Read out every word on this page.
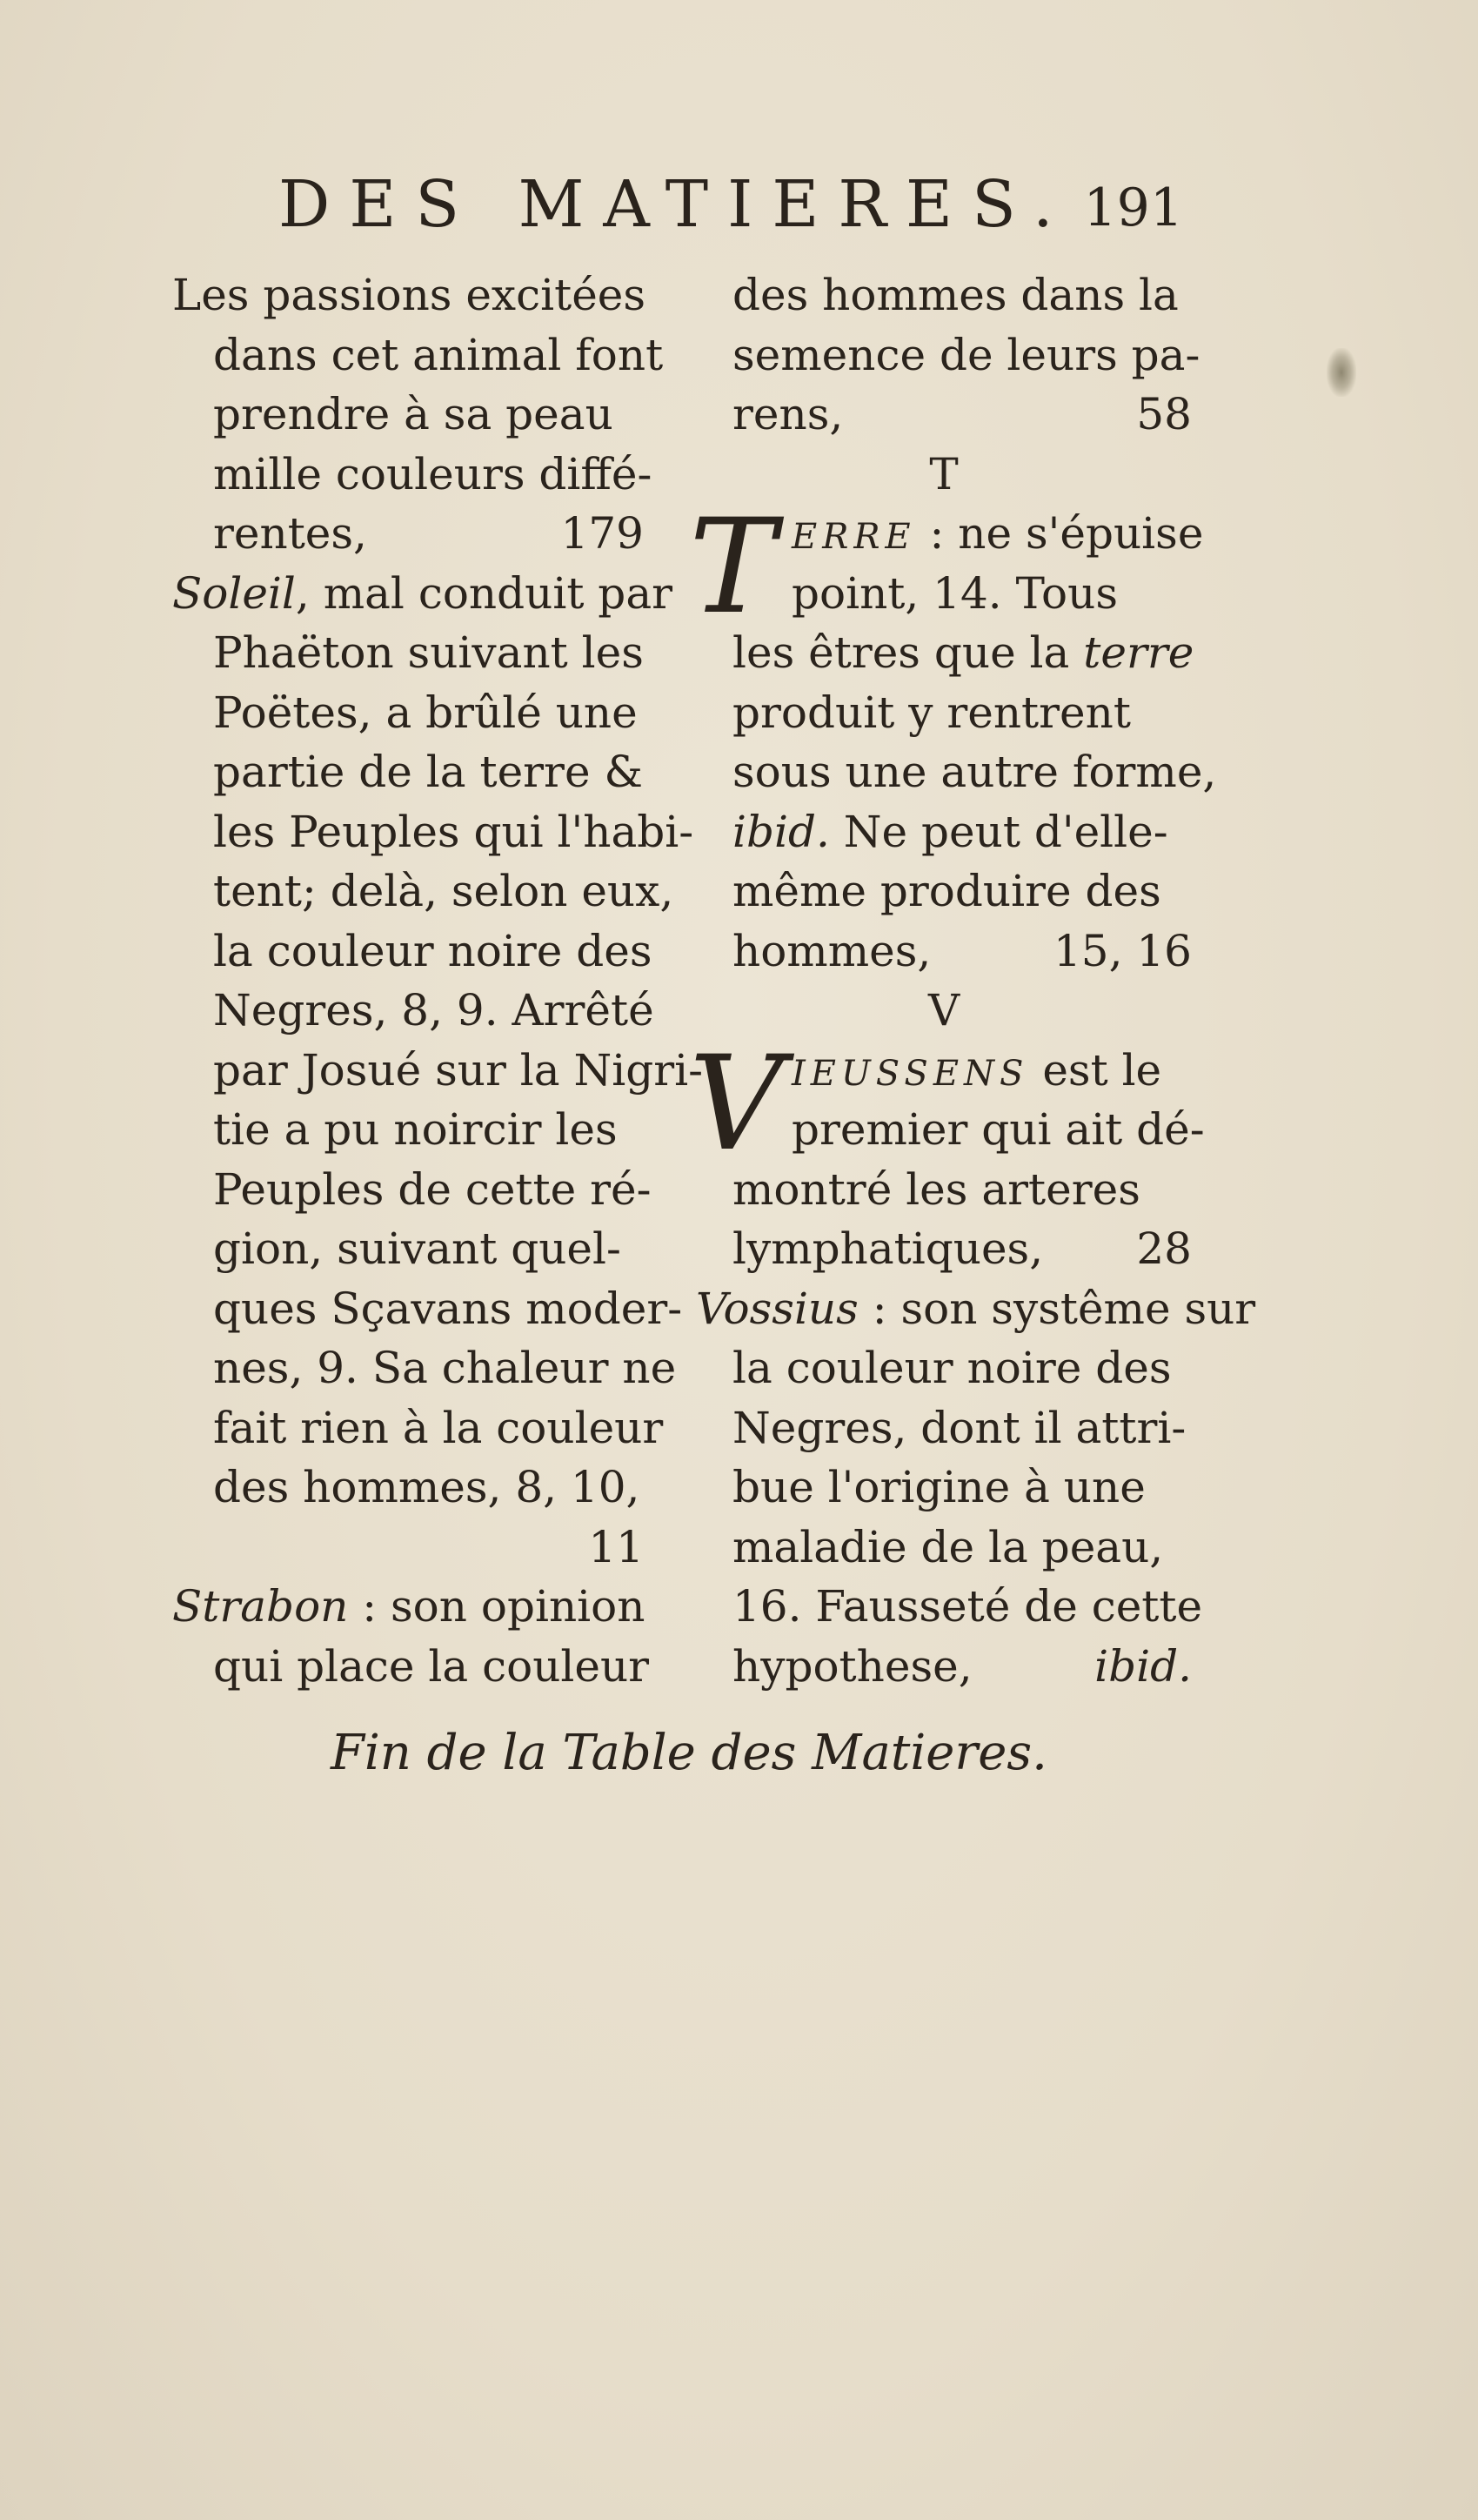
DES MATIERES. 191
Les passions excitées
dans cet animal font
prendre à sa peau
mille couleurs diffé-
rentes,	179
Soleil, mal conduit par
Phaëton suivant les
Poëtes, a brûlé une
partie de la terre &
les Peuples qui l'habi-
tent; delà, selon eux,
la couleur noire des
Negres, 8, 9. Arrêté
par Josué sur la Nigri-
tie a pu noircir les
Peuples de cette ré-
gion, suivant quel-
ques Sçavans moder-
nes, 9. Sa chaleur ne
fait rien à la couleur
des hommes, 8, 10,
11
Strabon : son opinion
qui place la couleur
des hommes dans la
semence de leurs pa-
rens,	58
T
T ERRE : ne s'épuise
point, 14. Tous
les êtres que la terre
produit y rentrent
sous une autre forme,
ibid. Ne peut d'elle-
même produire des
hommes,	15, 16
V
V IEUSSENS est le
premier qui ait dé-
montré les arteres
lymphatiques, 28
Vossius : son systême sur
la couleur noire des
Negres, dont il attri-
bue l'origine à une
maladie de la peau,
16. Fausseté de cette
hypothese,	ibid.
Fin de la Table des Matieres.
